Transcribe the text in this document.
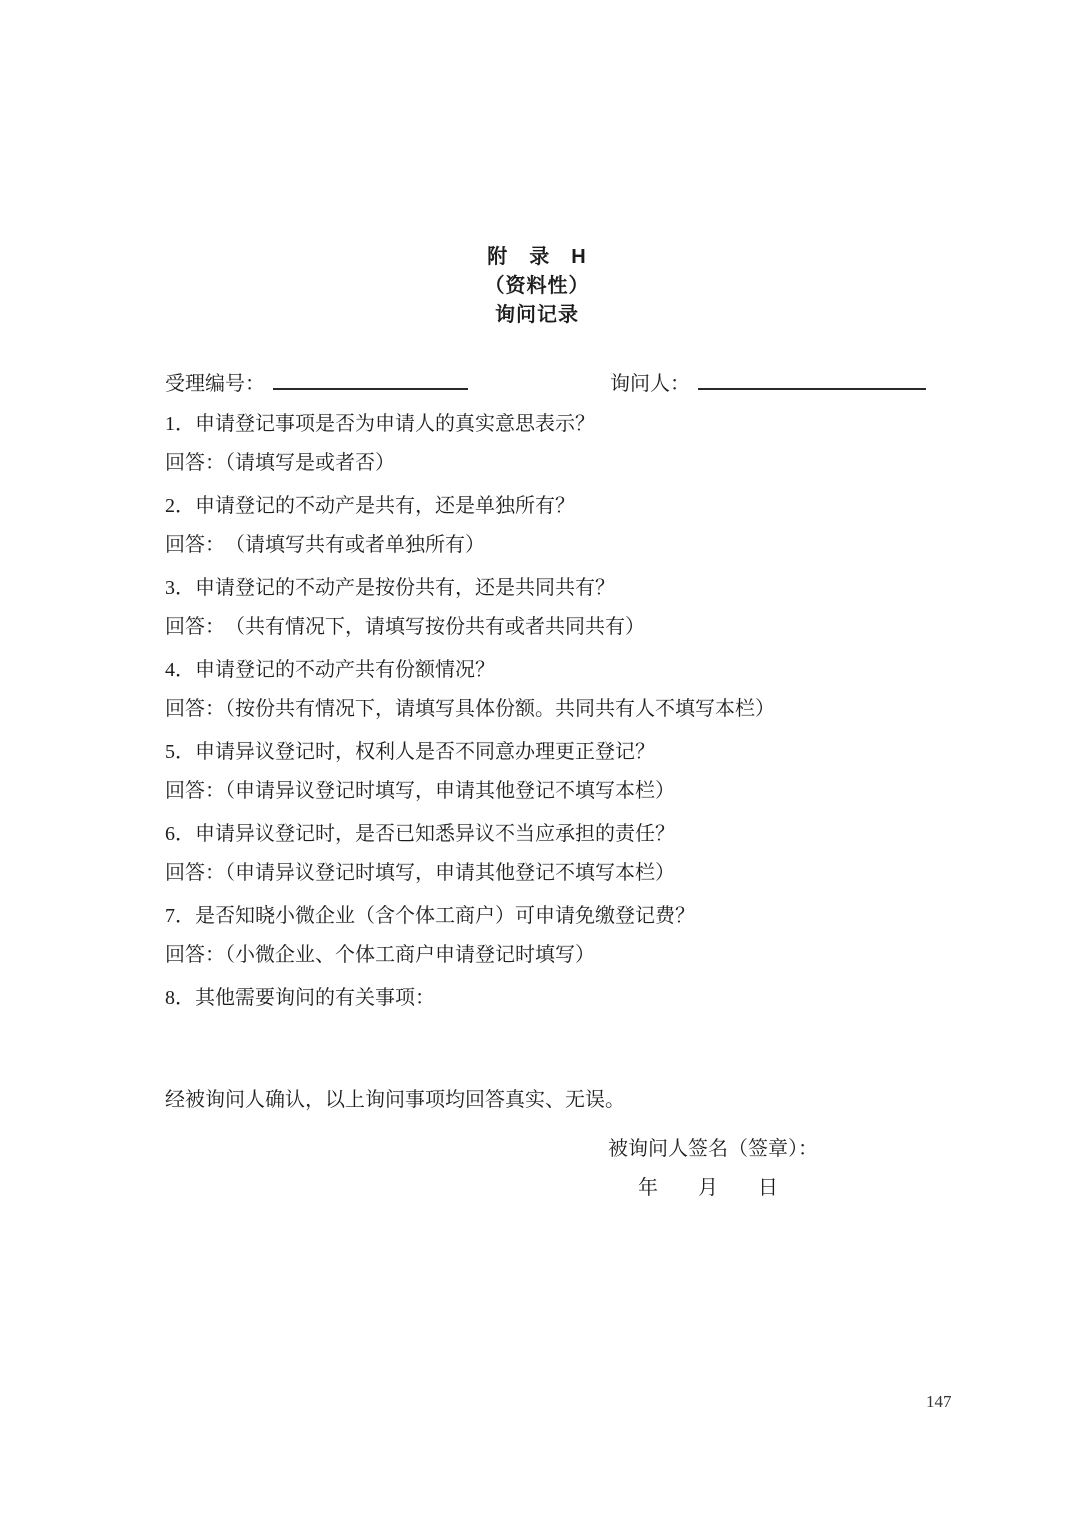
附　录　H
（资料性）
询问记录
受理编号：	询问人：
1．申请登记事项是否为申请人的真实意思表示？
回答：（请填写是或者否）
2．申请登记的不动产是共有，还是单独所有？
回答：　（请填写共有或者单独所有）
3．申请登记的不动产是按份共有，还是共同共有？
回答：　（共有情况下，请填写按份共有或者共同共有）
4．申请登记的不动产共有份额情况？
回答：（按份共有情况下，请填写具体份额。共同共有人不填写本栏）
5．申请异议登记时，权利人是否不同意办理更正登记？
回答：（申请异议登记时填写，申请其他登记不填写本栏）
6．申请异议登记时，是否已知悉异议不当应承担的责任？
回答：（申请异议登记时填写，申请其他登记不填写本栏）
7．是否知晓小微企业（含个体工商户）可申请免缴登记费？
回答：（小微企业、个体工商户申请登记时填写）
8．其他需要询问的有关事项：
经被询问人确认，以上询问事项均回答真实、无误。
被询问人签名（签章）：
年　　月　　日
147
